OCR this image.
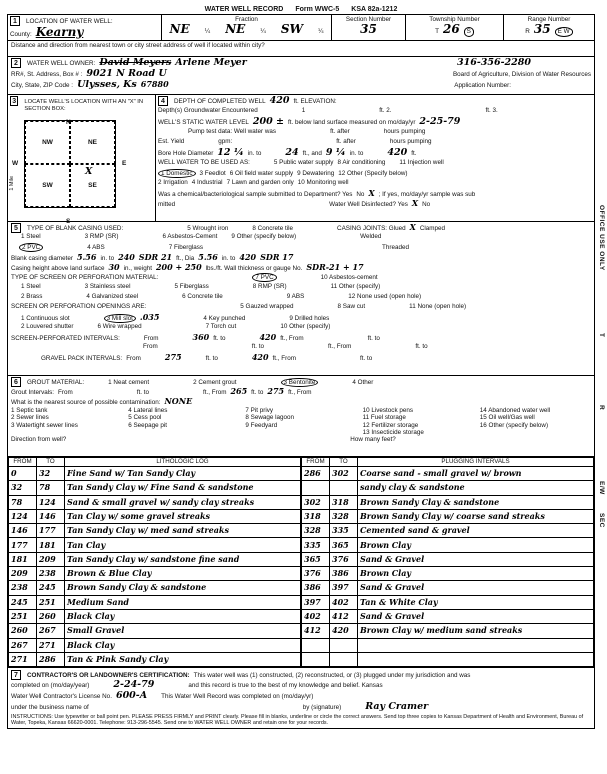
WATER WELL RECORD Form WWC-5 KSA 82a-1212
1	LOCATION OF WATER WELL:
County: Kearny
Fraction
NE ¼ NE ¼ SW ¼
Section Number
35
Township Number
T 26	S
Range Number
R 35	E W
Distance and direction from nearest town or city street address of well if located within city?
2	WATER WELL OWNER: David Meyers Arlene Meyer	316-356-2280
RR#, St. Address, Box # : 9021 N Road U	Board of Agriculture, Division of Water Resources
City, State, ZIP Code : Ulysses, Ks 67880	Application Number:
3	LOCATE WELL'S LOCATION WITH AN "X" IN SECTION BOX:
N
W	E
1 Mile
NW	NE
SW	SE
X
S
4	DEPTH OF COMPLETED WELL 420 ft. ELEVATION:
Depth(s) Groundwater Encountered	1	ft. 2.	ft. 3.
WELL'S STATIC WATER LEVEL 200 ± ft. below land surface measured on mo/day/yr 2-25-79
Pump test data: Well water was	ft. after	hours pumping
Est. Yield	gpm:	ft. after	hours pumping
Bore Hole Diameter 12 ¼ in. to	24 ft., and 9 ¼ in. to	420 ft.
WELL WATER TO BE USED AS:	5 Public water supply 8 Air conditioning 11 Injection well
1 Domestic	3 Feedlot 6 Oil field water supply 9 Dewatering 12 Other (Specify below)
2 Irrigation 4 Industrial 7 Lawn and garden only 10 Monitoring well
Was a chemical/bacteriological sample submitted to Department? Yes No X ; If yes, mo/day/yr sample was sub
mitted	Water Well Disinfected? Yes X No
5	TYPE OF BLANK CASING USED:	5 Wrought iron	8 Concrete tile	CASING JOINTS: Glued X Clamped
1 Steel	3 RMP (SR)	6 Asbestos-Cement 9 Other (specify below)	Welded
2 PVC	4 ABS	7 Fiberglass	Threaded
Blank casing diameter 5.56 in. to 240 SDR 21 ft., Dia 5.56 in. to 420 SDR 17
Casing height above land surface 30 in., weight 200 + 250 lbs./ft. Wall thickness or gauge No. SDR-21 + 17
TYPE OF SCREEN OR PERFORATION MATERIAL:	7 PVC	10 Asbestos-cement
1 Steel	3 Stainless steel	5 Fiberglass	8 RMP (SR)	11 Other (specify)
2 Brass	4 Galvanized steel	6 Concrete tile	9 ABS	12 None used (open hole)
SCREEN OR PERFORATION OPENINGS ARE:	5 Gauzed wrapped	8 Saw cut	11 None (open hole)
1 Continuous slot	3 Mill slot .035	4 Key punched	9 Drilled holes
2 Louvered shutter	6 Wire wrapped	7 Torch cut	10 Other (specify)
SCREEN-PERFORATED INTERVALS:	From	360 ft. to	420 ft., From	ft. to
From	ft. to	ft., From	ft. to
GRAVEL PACK INTERVALS: From	275	ft. to	420 ft., From	ft. to
6	GROUT MATERIAL:	1 Neat cement	2 Cement grout	3 Bentonite	4 Other
Grout Intervals: From	ft. to	ft., From 265 ft. to 275 ft., From
What is the nearest source of possible contamination: NONE
1 Septic tank	4 Lateral lines	7 Pit privy	10 Livestock pens	14 Abandoned water well
2 Sewer lines	5 Cess pool	8 Sewage lagoon	11 Fuel storage	15 Oil well/Gas well
3 Watertight sewer lines	6 Seepage pit	9 Feedyard	12 Fertilizer storage	16 Other (specify below)
13 Insecticide storage
Direction from well?	How many feet?
FROM	TO	LITHOLOGIC LOG
0	32	Fine Sand w/ Tan Sandy Clay
32	78	Tan Sandy Clay w/ Fine Sand & sandstone
78	124	Sand & small gravel w/ sandy clay streaks
124	146	Tan Clay w/ some gravel streaks
146	177	Tan Sandy Clay w/ med sand streaks
177	181	Tan Clay
181	209	Tan Sandy Clay w/ sandstone fine sand
209	238	Brown & Blue Clay
238	245	Brown Sandy Clay & sandstone
245	251	Medium Sand
251	260	Black Clay
260	267	Small Gravel
267	271	Black Clay
271	286	Tan & Pink Sandy Clay
FROM	TO	PLUGGING INTERVALS
286	302	Coarse sand - small gravel w/ brown
		sandy clay & sandstone
302	318	Brown Sandy Clay & sandstone
318	328	Brown Sandy Clay w/ coarse sand streaks
328	335	Cemented sand & gravel
335	365	Brown Clay
365	376	Sand & Gravel
376	386	Brown Clay
386	397	Sand & Gravel
397	402	Tan & White Clay
402	412	Sand & Gravel
412	420	Brown Clay w/ medium sand streaks

7	CONTRACTOR'S OR LANDOWNER'S CERTIFICATION: This water well was (1) constructed, (2) reconstructed, or (3) plugged under my jurisdiction and was
completed on (mo/day/year)	2-24-79	and this record is true to the best of my knowledge and belief. Kansas
Water Well Contractor's License No. 600-A This Water Well Record was completed on (mo/day/yr)
under the business name of	by (signature)	Ray Cramer
INSTRUCTIONS: Use typewriter or ball point pen. PLEASE PRESS FIRMLY and PRINT clearly. Please fill in blanks, underline or circle the correct answers. Send top three copies to Kansas Department of Health and Environment, Bureau of Water, Topeka, Kansas 66620-0001. Telephone: 913-296-5545. Send one to WATER WELL OWNER and retain one for your records.
OFFICE USE ONLY
T
R
E/W
SEC
